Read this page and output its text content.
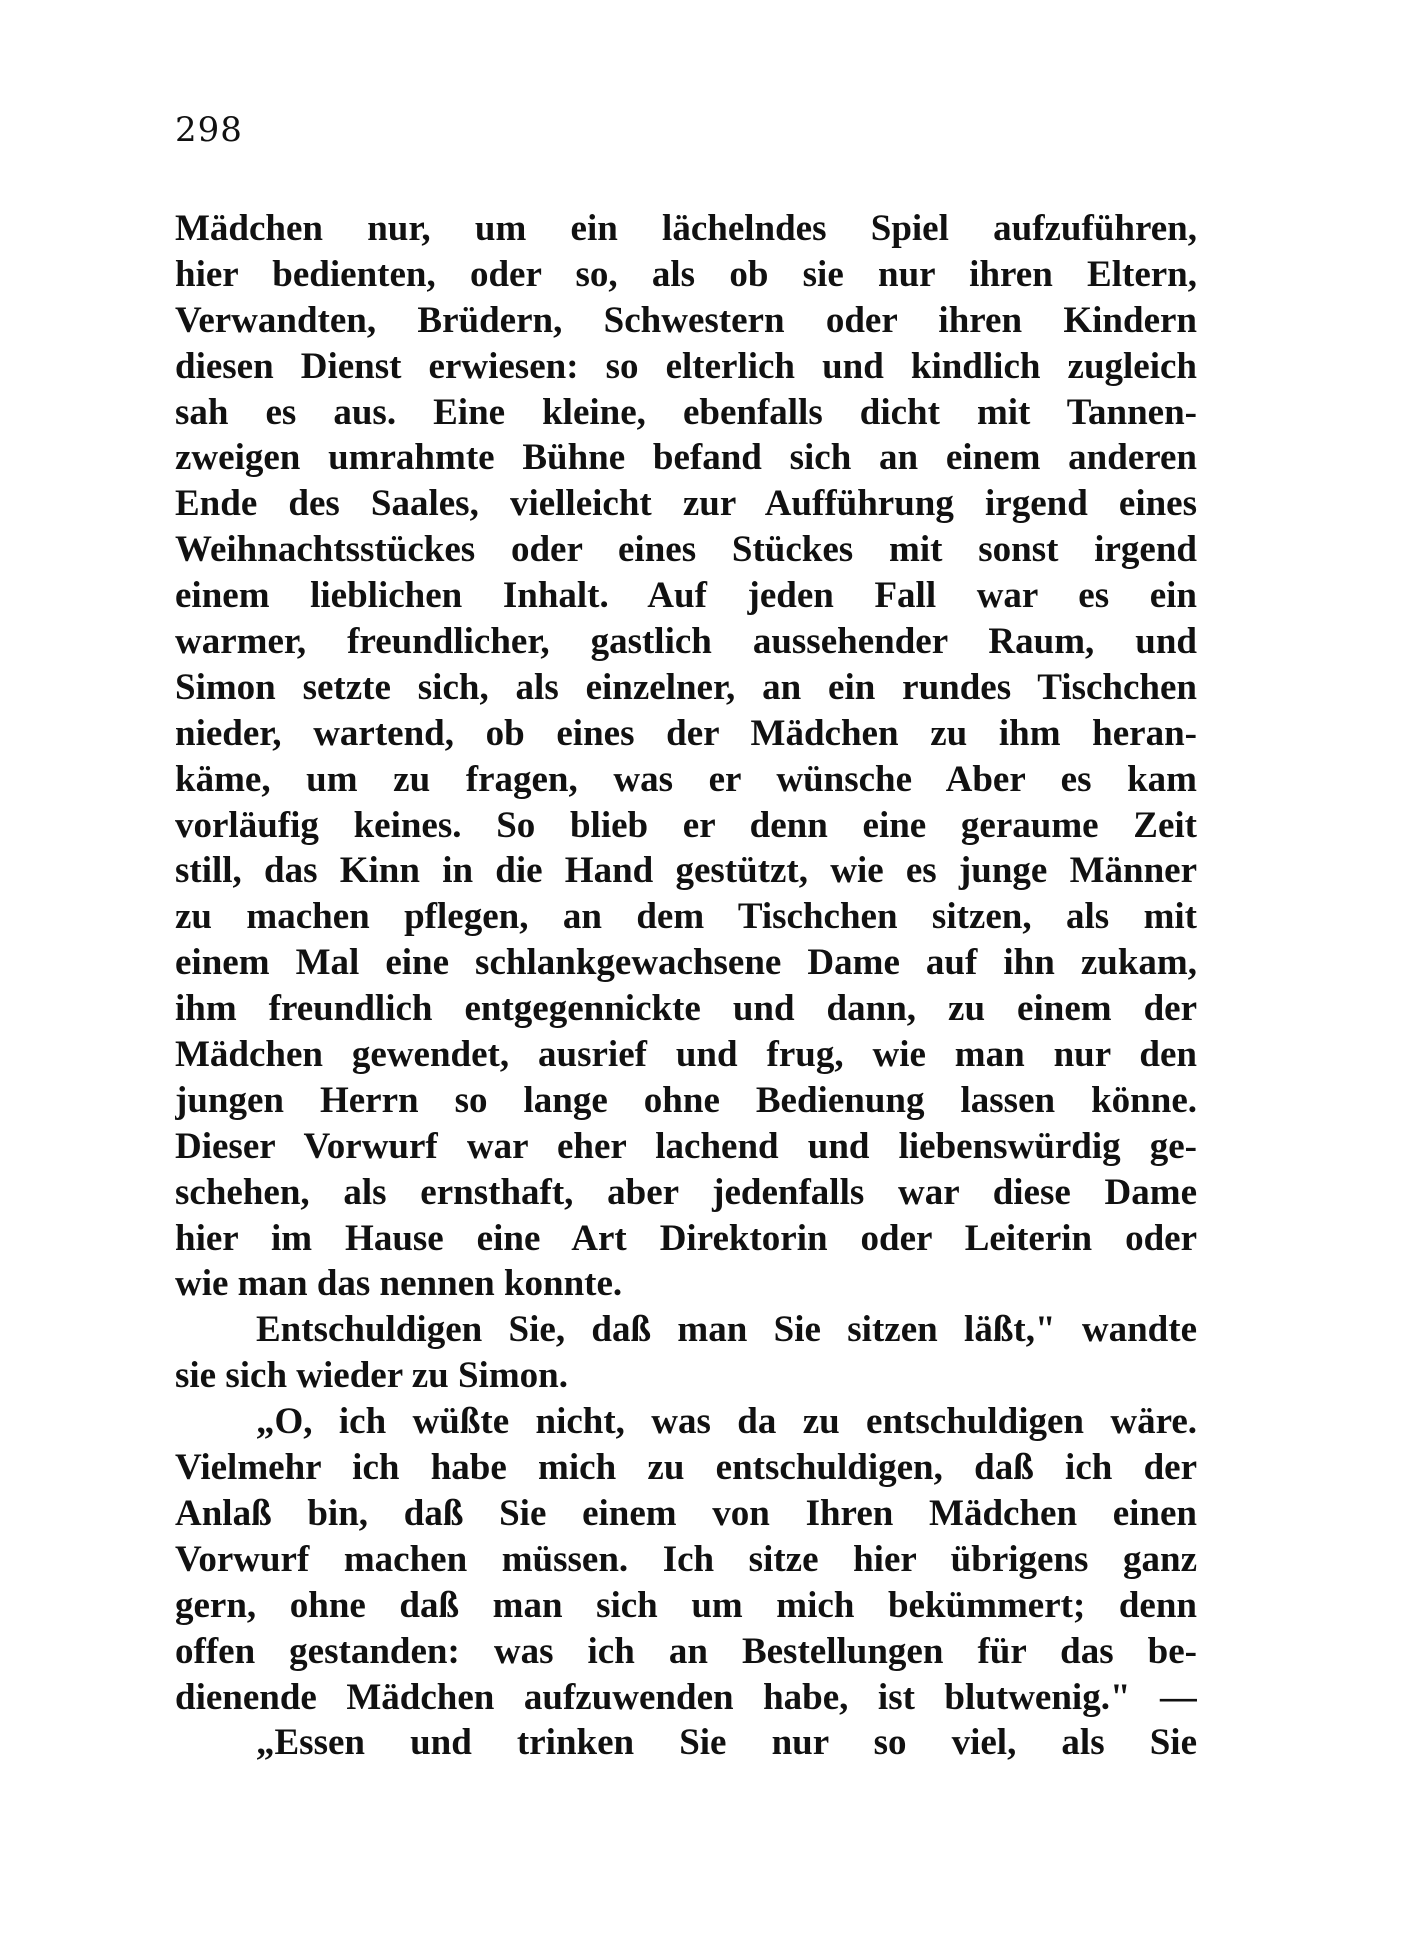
298
Mädchen nur, um ein lächelndes Spiel aufzuführen,
hier bedienten, oder so, als ob sie nur ihren Eltern,
Verwandten, Brüdern, Schwestern oder ihren Kindern
diesen Dienst erwiesen: so elterlich und kindlich zugleich
sah es aus. Eine kleine, ebenfalls dicht mit Tannen-
zweigen umrahmte Bühne befand sich an einem anderen
Ende des Saales, vielleicht zur Aufführung irgend eines
Weihnachtsstückes oder eines Stückes mit sonst irgend
einem lieblichen Inhalt. Auf jeden Fall war es ein
warmer, freundlicher, gastlich aussehender Raum, und
Simon setzte sich, als einzelner, an ein rundes Tischchen
nieder, wartend, ob eines der Mädchen zu ihm heran-
käme, um zu fragen, was er wünsche Aber es kam
vorläufig keines. So blieb er denn eine geraume Zeit
still, das Kinn in die Hand gestützt, wie es junge Männer
zu machen pflegen, an dem Tischchen sitzen, als mit
einem Mal eine schlankgewachsene Dame auf ihn zukam,
ihm freundlich entgegennickte und dann, zu einem der
Mädchen gewendet, ausrief und frug, wie man nur den
jungen Herrn so lange ohne Bedienung lassen könne.
Dieser Vorwurf war eher lachend und liebenswürdig ge-
schehen, als ernsthaft, aber jedenfalls war diese Dame
hier im Hause eine Art Direktorin oder Leiterin oder
wie man das nennen konnte.
Entschuldigen Sie, daß man Sie sitzen läßt," wandte
sie sich wieder zu Simon.
„O, ich wüßte nicht, was da zu entschuldigen wäre.
Vielmehr ich habe mich zu entschuldigen, daß ich der
Anlaß bin, daß Sie einem von Ihren Mädchen einen
Vorwurf machen müssen. Ich sitze hier übrigens ganz
gern, ohne daß man sich um mich bekümmert; denn
offen gestanden: was ich an Bestellungen für das be-
dienende Mädchen aufzuwenden habe, ist blutwenig." —
„Essen und trinken Sie nur so viel, als Sie
